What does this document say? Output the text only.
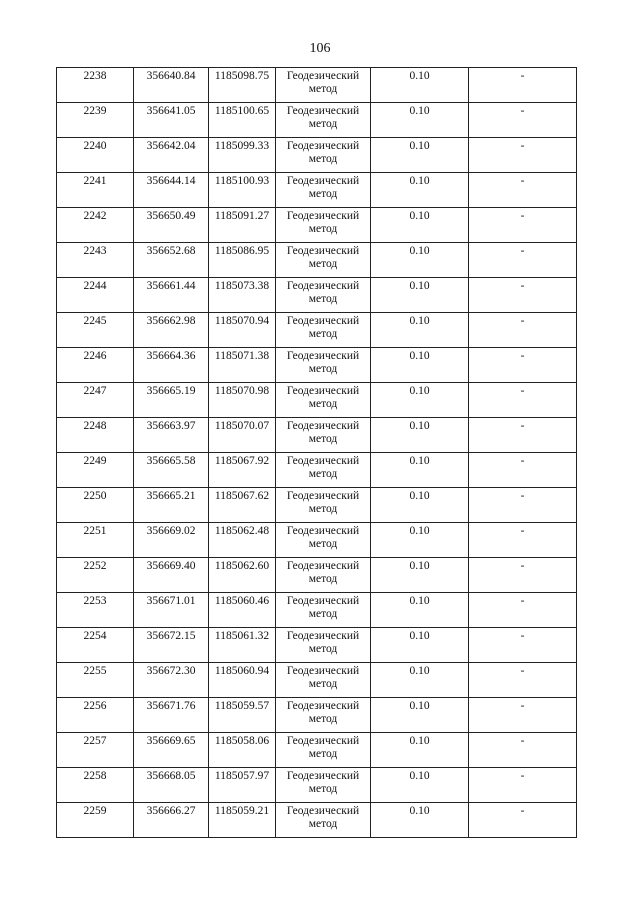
106
2238	356640.84	1185098.75	Геодезический метод	0.10	-
2239	356641.05	1185100.65	Геодезический метод	0.10	-
2240	356642.04	1185099.33	Геодезический метод	0.10	-
2241	356644.14	1185100.93	Геодезический метод	0.10	-
2242	356650.49	1185091.27	Геодезический метод	0.10	-
2243	356652.68	1185086.95	Геодезический метод	0.10	-
2244	356661.44	1185073.38	Геодезический метод	0.10	-
2245	356662.98	1185070.94	Геодезический метод	0.10	-
2246	356664.36	1185071.38	Геодезический метод	0.10	-
2247	356665.19	1185070.98	Геодезический метод	0.10	-
2248	356663.97	1185070.07	Геодезический метод	0.10	-
2249	356665.58	1185067.92	Геодезический метод	0.10	-
2250	356665.21	1185067.62	Геодезический метод	0.10	-
2251	356669.02	1185062.48	Геодезический метод	0.10	-
2252	356669.40	1185062.60	Геодезический метод	0.10	-
2253	356671.01	1185060.46	Геодезический метод	0.10	-
2254	356672.15	1185061.32	Геодезический метод	0.10	-
2255	356672.30	1185060.94	Геодезический метод	0.10	-
2256	356671.76	1185059.57	Геодезический метод	0.10	-
2257	356669.65	1185058.06	Геодезический метод	0.10	-
2258	356668.05	1185057.97	Геодезический метод	0.10	-
2259	356666.27	1185059.21	Геодезический метод	0.10	-
